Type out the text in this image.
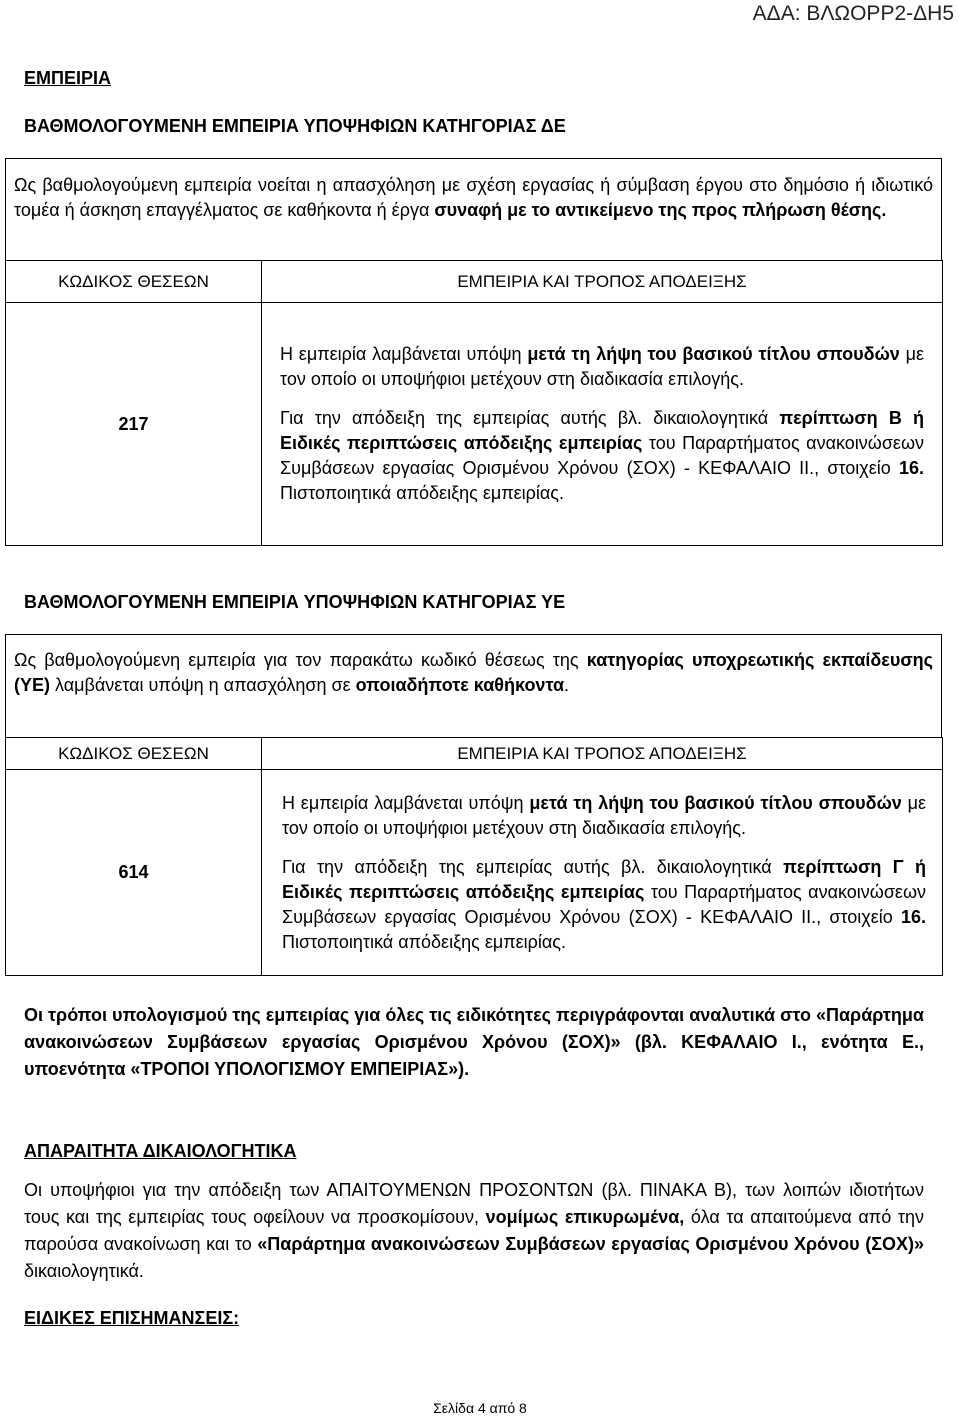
ΑΔΑ: ΒΛΩΟΡΡ2-ΔΗ5
ΕΜΠΕΙΡΙΑ
ΒΑΘΜΟΛΟΓΟΥΜΕΝΗ ΕΜΠΕΙΡΙΑ ΥΠΟΨΗΦΙΩΝ ΚΑΤΗΓΟΡΙΑΣ ΔΕ
Ως βαθμολογούμενη εμπειρία νοείται η απασχόληση με σχέση εργασίας ή σύμβαση έργου στο δημόσιο ή ιδιωτικό τομέα ή άσκηση επαγγέλματος σε καθήκοντα ή έργα συναφή με το αντικείμενο της προς πλήρωση θέσης.
ΚΩΔΙΚΟΣ ΘΕΣΕΩΝ	ΕΜΠΕΙΡΙΑ ΚΑΙ ΤΡΟΠΟΣ ΑΠΟΔΕΙΞΗΣ
217	Η εμπειρία λαμβάνεται υπόψη μετά τη λήψη του βασικού τίτλου σπουδών με τον οποίο οι υποψήφιοι μετέχουν στη διαδικασία επιλογής.

Για την απόδειξη της εμπειρίας αυτής βλ. δικαιολογητικά περίπτωση Β ή Ειδικές περιπτώσεις απόδειξης εμπειρίας του Παραρτήματος ανακοινώσεων Συμβάσεων εργασίας Ορισμένου Χρόνου (ΣΟΧ) - ΚΕΦΑΛΑΙΟ ΙΙ., στοιχείο 16. Πιστοποιητικά απόδειξης εμπειρίας.

ΒΑΘΜΟΛΟΓΟΥΜΕΝΗ ΕΜΠΕΙΡΙΑ ΥΠΟΨΗΦΙΩΝ ΚΑΤΗΓΟΡΙΑΣ ΥΕ
Ως βαθμολογούμενη εμπειρία για τον παρακάτω κωδικό θέσεως της κατηγορίας υποχρεωτικής εκπαίδευσης (ΥΕ) λαμβάνεται υπόψη η απασχόληση σε οποιαδήποτε καθήκοντα.
ΚΩΔΙΚΟΣ ΘΕΣΕΩΝ	ΕΜΠΕΙΡΙΑ ΚΑΙ ΤΡΟΠΟΣ ΑΠΟΔΕΙΞΗΣ
614	Η εμπειρία λαμβάνεται υπόψη μετά τη λήψη του βασικού τίτλου σπουδών με τον οποίο οι υποψήφιοι μετέχουν στη διαδικασία επιλογής.

Για την απόδειξη της εμπειρίας αυτής βλ. δικαιολογητικά περίπτωση Γ ή Ειδικές περιπτώσεις απόδειξης εμπειρίας του Παραρτήματος ανακοινώσεων Συμβάσεων εργασίας Ορισμένου Χρόνου (ΣΟΧ) - ΚΕΦΑΛΑΙΟ ΙΙ., στοιχείο 16. Πιστοποιητικά απόδειξης εμπειρίας.

Οι τρόποι υπολογισμού της εμπειρίας για όλες τις ειδικότητες περιγράφονται αναλυτικά στο «Παράρτημα ανακοινώσεων Συμβάσεων εργασίας Ορισμένου Χρόνου (ΣΟΧ)» (βλ. ΚΕΦΑΛΑΙΟ Ι., ενότητα Ε., υποενότητα «ΤΡΟΠΟΙ ΥΠΟΛΟΓΙΣΜΟΥ ΕΜΠΕΙΡΙΑΣ»).
ΑΠΑΡΑΙΤΗΤΑ ΔΙΚΑΙΟΛΟΓΗΤΙΚΑ
Οι υποψήφιοι για την απόδειξη των ΑΠΑΙΤΟΥΜΕΝΩΝ ΠΡΟΣΟΝΤΩΝ (βλ. ΠΙΝΑΚΑ Β), των λοιπών ιδιοτήτων τους και της εμπειρίας τους οφείλουν να προσκομίσουν, νομίμως επικυρωμένα, όλα τα απαιτούμενα από την παρούσα ανακοίνωση και το «Παράρτημα ανακοινώσεων Συμβάσεων εργασίας Ορισμένου Χρόνου (ΣΟΧ)» δικαιολογητικά.
ΕΙΔΙΚΕΣ ΕΠΙΣΗΜΑΝΣΕΙΣ:
Σελίδα 4 από 8
